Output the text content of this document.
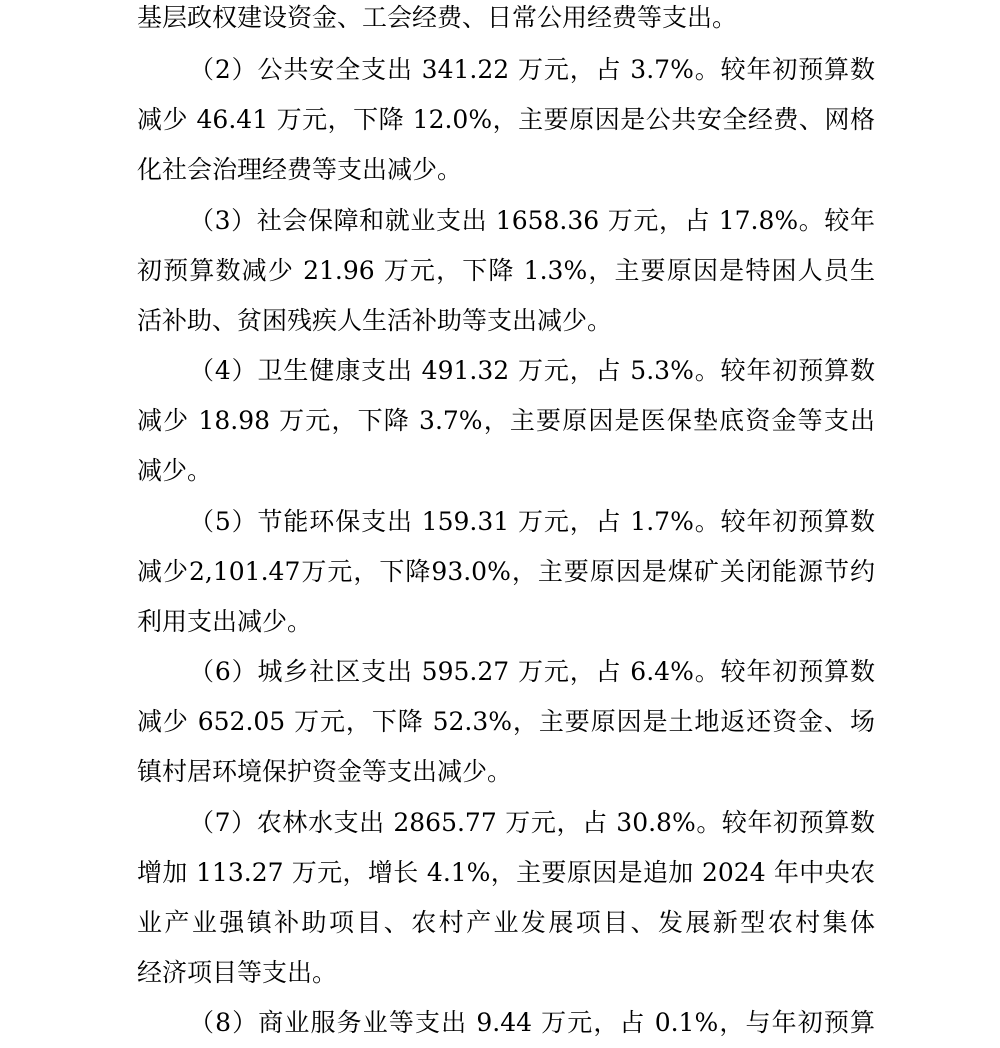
基层政权建设资金、工会经费、日常公用经费等支出。
（2）公共安全支出 341.22 万元，占 3.7%。较年初预算数
减少 46.41 万元，下降 12.0%，主要原因是公共安全经费、网格
化社会治理经费等支出减少。
（3）社会保障和就业支出 1658.36 万元，占 17.8%。较年
初预算数减少 21.96 万元，下降 1.3%，主要原因是特困人员生
活补助、贫困残疾人生活补助等支出减少。
（4）卫生健康支出 491.32 万元，占 5.3%。较年初预算数
减少 18.98 万元，下降 3.7%，主要原因是医保垫底资金等支出
减少。
（5）节能环保支出 159.31 万元，占 1.7%。较年初预算数
减少2,101.47万元，下降93.0%，主要原因是煤矿关闭能源节约
利用支出减少。
（6）城乡社区支出 595.27 万元，占 6.4%。较年初预算数
减少 652.05 万元，下降 52.3%，主要原因是土地返还资金、场
镇村居环境保护资金等支出减少。
（7）农林水支出 2865.77 万元，占 30.8%。较年初预算数
增加 113.27 万元，增长 4.1%，主要原因是追加 2024 年中央农
业产业强镇补助项目、农村产业发展项目、发展新型农村集体
经济项目等支出。
（8）商业服务业等支出 9.44 万元，占 0.1%，与年初预算
